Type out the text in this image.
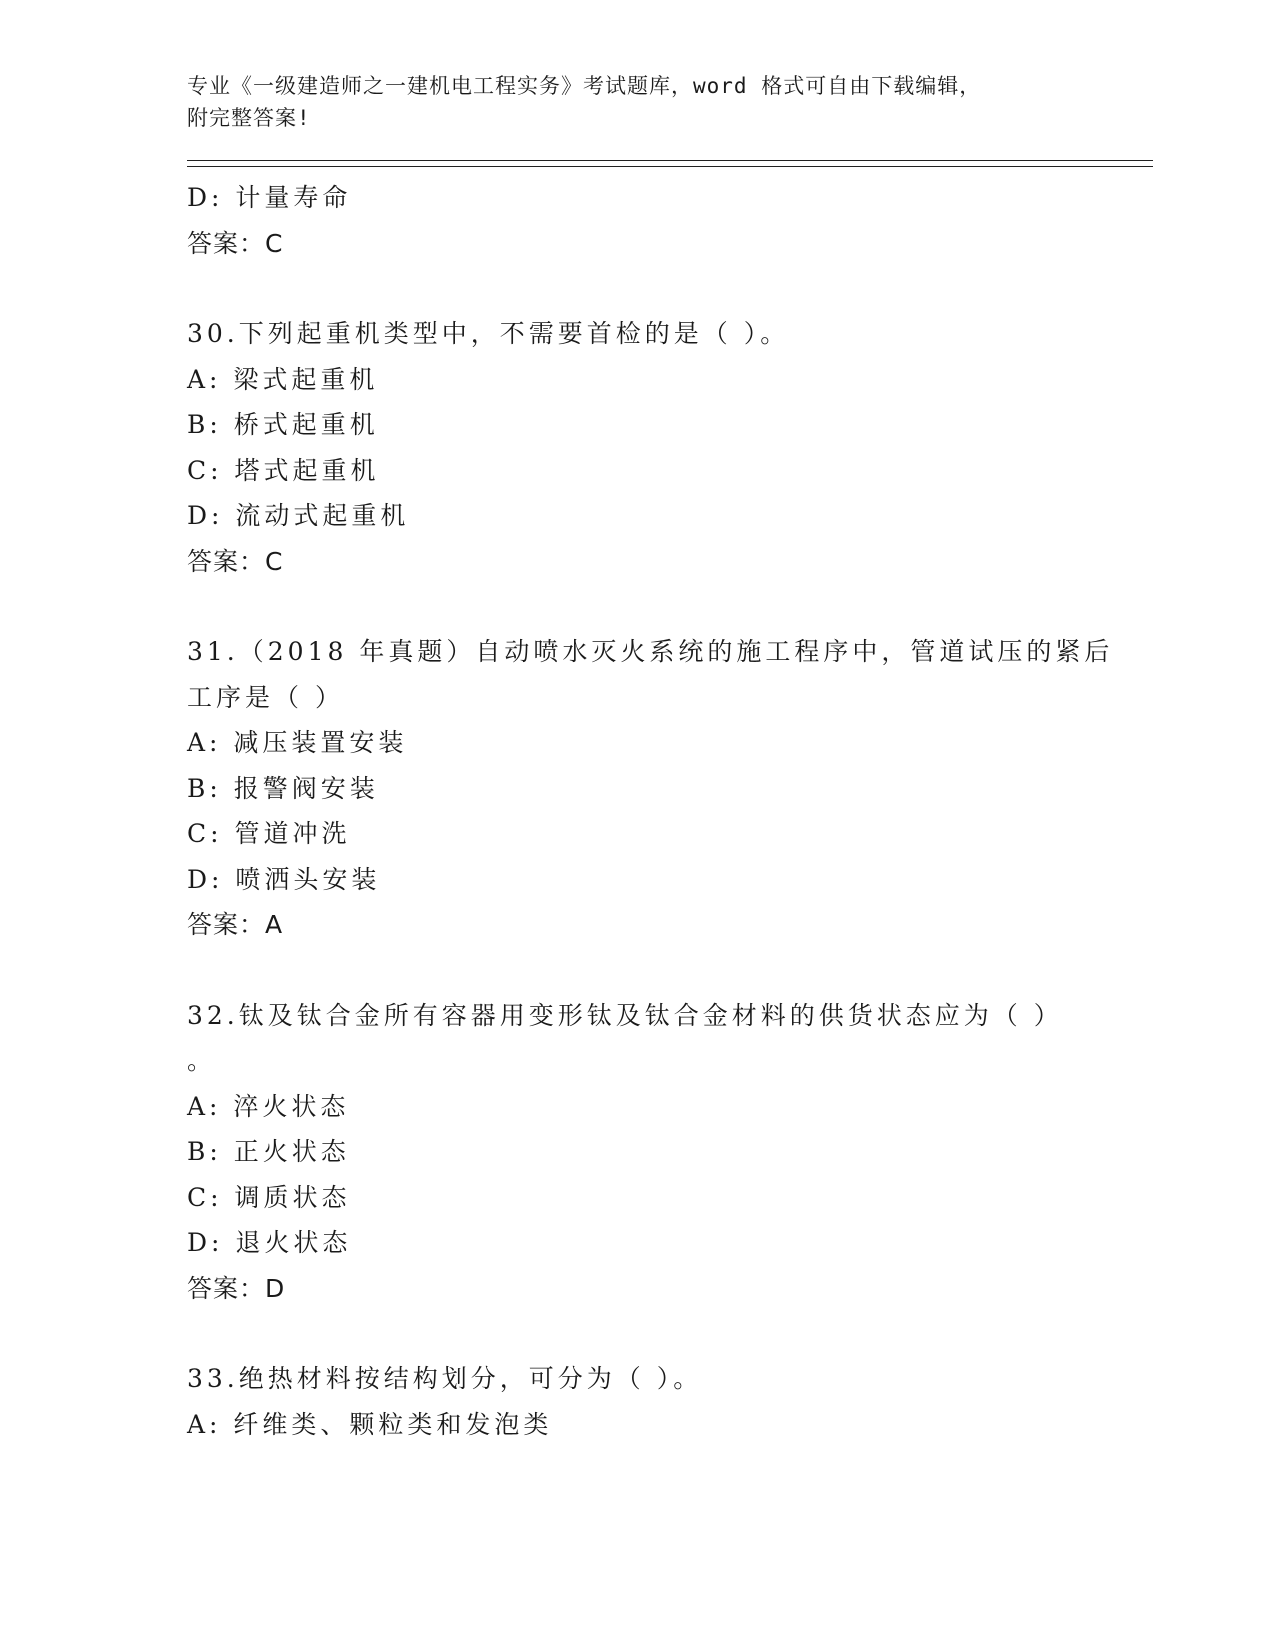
专业《一级建造师之一建机电工程实务》考试题库，word 格式可自由下载编辑，

附完整答案!

D: 计量寿命

答案：C

30.下列起重机类型中，不需要首检的是（ ）。

A: 梁式起重机

B: 桥式起重机

C: 塔式起重机

D: 流动式起重机

答案：C

31.（2018 年真题）自动喷水灭火系统的施工程序中，管道试压的紧后

工序是（ ）

A: 减压装置安装

B: 报警阀安装

C: 管道冲洗

D: 喷洒头安装

答案：A

32.钛及钛合金所有容器用变形钛及钛合金材料的供货状态应为（ ）

。

A: 淬火状态

B: 正火状态

C: 调质状态

D: 退火状态

答案：D

33.绝热材料按结构划分，可分为（ ）。

A: 纤维类、颗粒类和发泡类
